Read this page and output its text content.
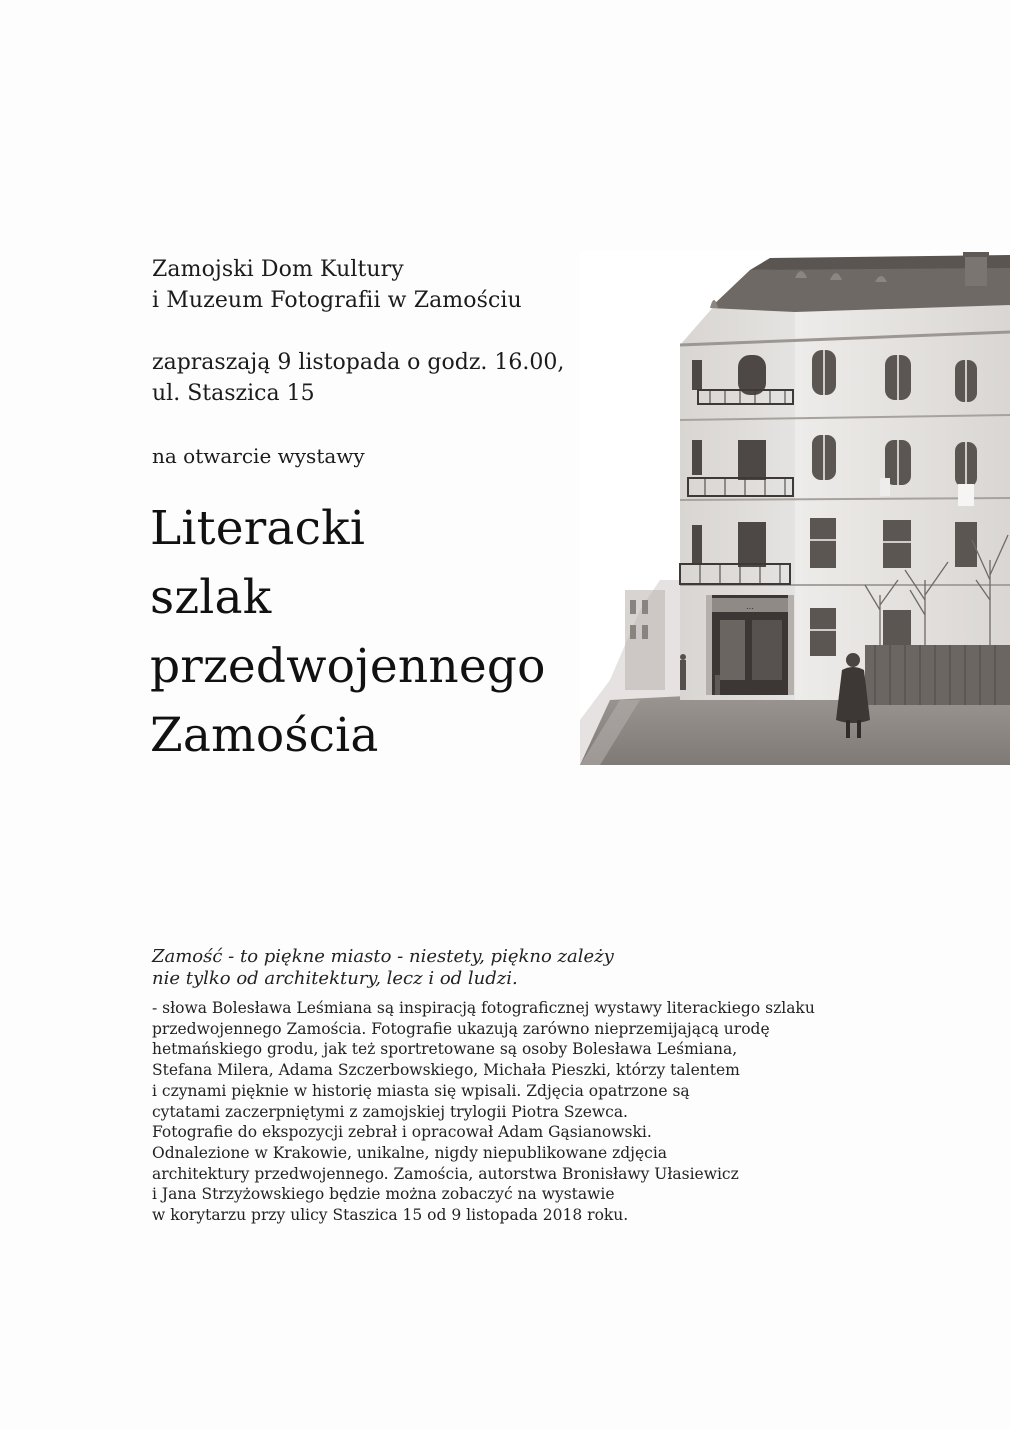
…
Zamojski Dom Kultury
i Muzeum Fotografii w Zamościu
zapraszają 9 listopada o godz. 16.00,
ul. Staszica 15
na otwarcie wystawy
Literacki
szlak
przedwojennego
Zamościa
Zamość - to piękne miasto - niestety, piękno zależy
nie tylko od architektury, lecz i od ludzi.
- słowa Bolesława Leśmiana są inspiracją fotograficznej wystawy literackiego szlaku
przedwojennego Zamościa. Fotografie ukazują zarówno nieprzemijającą urodę
hetmańskiego grodu, jak też sportretowane są osoby Bolesława Leśmiana,
Stefana Milera, Adama Szczerbowskiego, Michała Pieszki, którzy talentem
i czynami pięknie w historię miasta się wpisali. Zdjęcia opatrzone są
cytatami zaczerpniętymi z zamojskiej trylogii Piotra Szewca.
Fotografie do ekspozycji zebrał i opracował Adam Gąsianowski.
Odnalezione w Krakowie, unikalne, nigdy niepublikowane zdjęcia
architektury przedwojennego. Zamościa, autorstwa Bronisławy Ułasiewicz
i Jana Strzyżowskiego będzie można zobaczyć na wystawie
w korytarzu przy ulicy Staszica 15 od 9 listopada 2018 roku.
